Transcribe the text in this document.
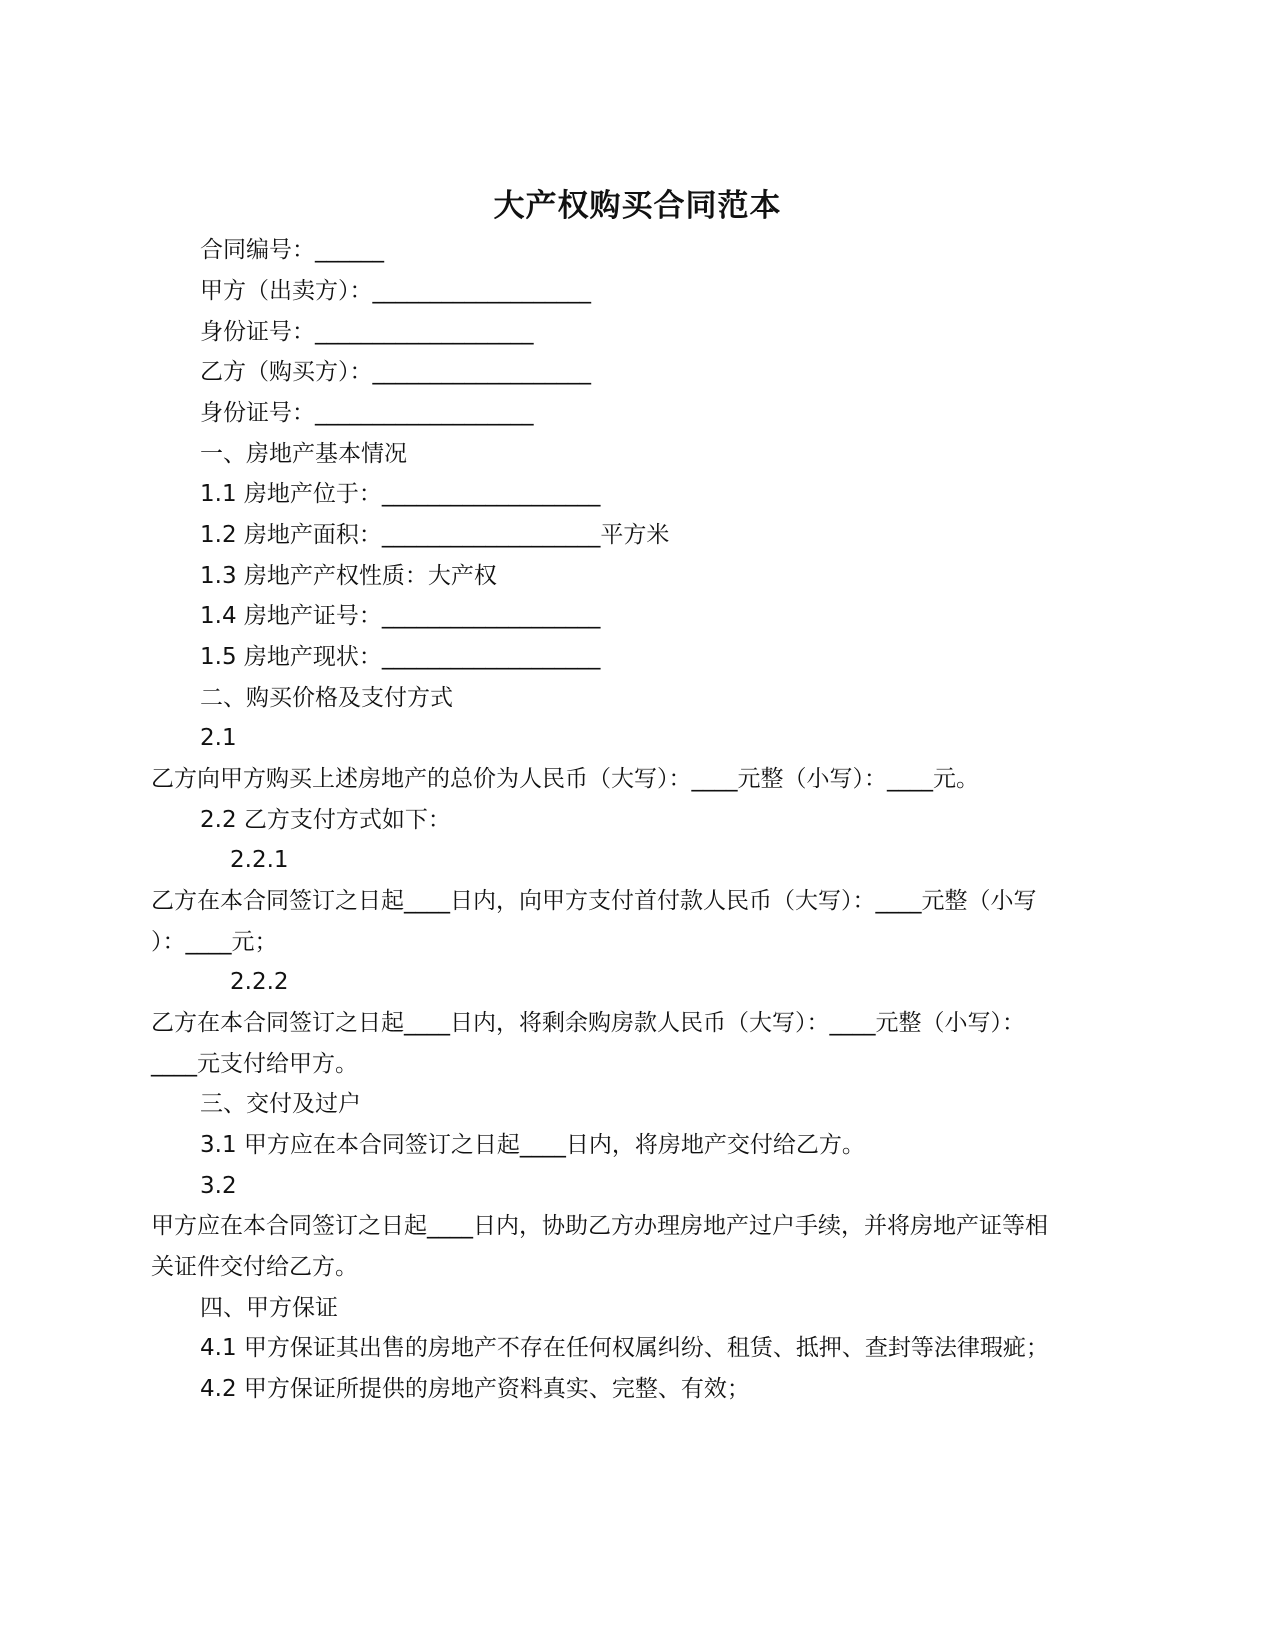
大产权购买合同范本
合同编号：______
甲方（出卖方）：___________________
身份证号：___________________
乙方（购买方）：___________________
身份证号：___________________
一、房地产基本情况
1.1 房地产位于：___________________
1.2 房地产面积：___________________平方米
1.3 房地产产权性质：大产权
1.4 房地产证号：___________________
1.5 房地产现状：___________________
二、购买价格及支付方式
2.1
乙方向甲方购买上述房地产的总价为人民币（大写）：____元整（小写）：____元。
2.2 乙方支付方式如下：
2.2.1
乙方在本合同签订之日起____日内，向甲方支付首付款人民币（大写）：____元整（小写
）：____元；
2.2.2
乙方在本合同签订之日起____日内，将剩余购房款人民币（大写）：____元整（小写）：
____元支付给甲方。
三、交付及过户
3.1 甲方应在本合同签订之日起____日内，将房地产交付给乙方。
3.2
甲方应在本合同签订之日起____日内，协助乙方办理房地产过户手续，并将房地产证等相
关证件交付给乙方。
四、甲方保证
4.1 甲方保证其出售的房地产不存在任何权属纠纷、租赁、抵押、查封等法律瑕疵；
4.2 甲方保证所提供的房地产资料真实、完整、有效；
